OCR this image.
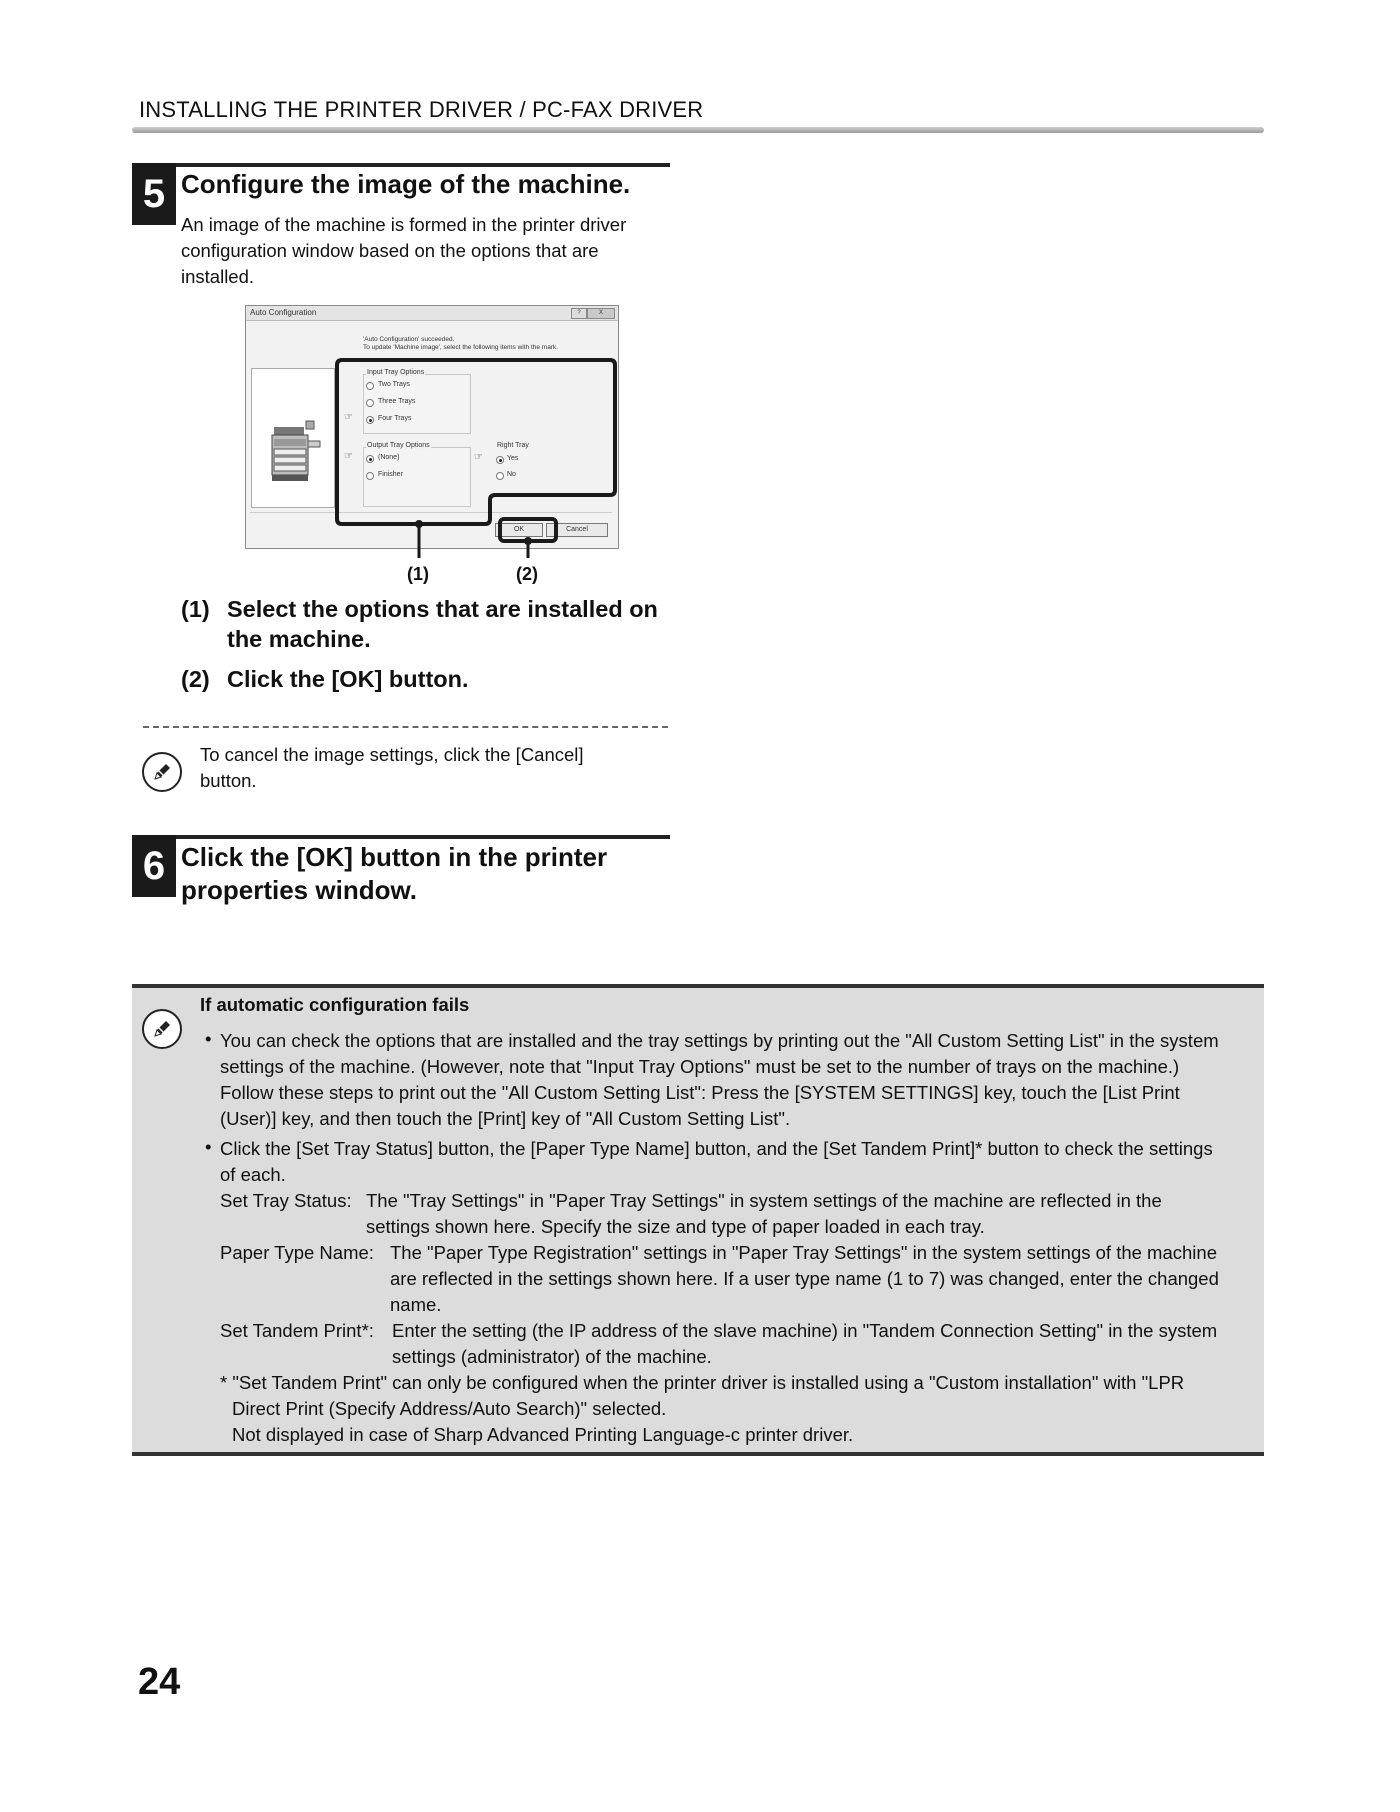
INSTALLING THE PRINTER DRIVER / PC-FAX DRIVER
5 Configure the image of the machine.
An image of the machine is formed in the printer driver
configuration window based on the options that are
installed.
Auto Configuration	?	X
'Auto Configuration' succeeded.
To update 'Machine image', select the following items with the mark.
Input Tray Options
Two Trays
Three Trays
☞	Four Trays
Output Tray Options
☞	(None)
Finisher
Right Tray
☞	Yes
No
OK	Cancel
(1)	(2)
(1) Select the options that are installed on the machine.
(2) Click the [OK] button.
To cancel the image settings, click the [Cancel]
button.
6 Click the [OK] button in the printer
properties window.
If automatic configuration fails
• You can check the options that are installed and the tray settings by printing out the "All Custom Setting List" in the system
settings of the machine. (However, note that "Input Tray Options" must be set to the number of trays on the machine.)
Follow these steps to print out the "All Custom Setting List": Press the [SYSTEM SETTINGS] key, touch the [List Print
(User)] key, and then touch the [Print] key of "All Custom Setting List".
• Click the [Set Tray Status] button, the [Paper Type Name] button, and the [Set Tandem Print]* button to check the settings
of each.
Set Tray Status: The "Tray Settings" in "Paper Tray Settings" in system settings of the machine are reflected in the
settings shown here. Specify the size and type of paper loaded in each tray.
Paper Type Name: The "Paper Type Registration" settings in "Paper Tray Settings" in the system settings of the machine
are reflected in the settings shown here. If a user type name (1 to 7) was changed, enter the changed
name.
Set Tandem Print*: Enter the setting (the IP address of the slave machine) in "Tandem Connection Setting" in the system
settings (administrator) of the machine.
* "Set Tandem Print" can only be configured when the printer driver is installed using a "Custom installation" with "LPR
Direct Print (Specify Address/Auto Search)" selected.
Not displayed in case of Sharp Advanced Printing Language-c printer driver.
24
